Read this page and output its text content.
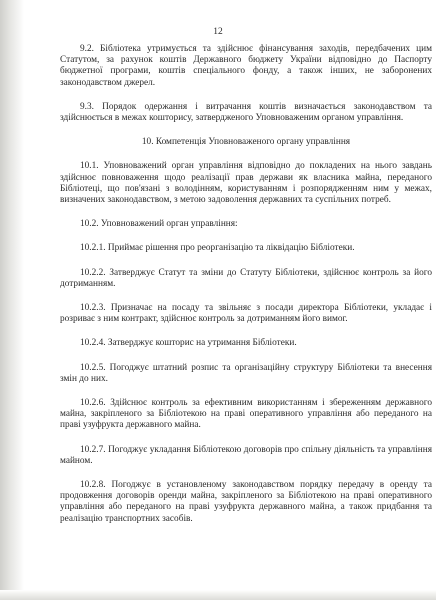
12

9.2. Бібліотека утримується та здійснює фінансування заходів, передбачених цим Статутом, за рахунок коштів Державного бюджету України відповідно до Паспорту бюджетної програми, коштів спеціального фонду, а також інших, не заборонених законодавством джерел.

9.3. Порядок одержання і витрачання коштів визначається законодавством та здійснюється в межах кошторису, затвердженого Уповноваженим органом управління.

10. Компетенція Уповноваженого органу управління

10.1. Уповноважений орган управління відповідно до покладених на нього завдань здійснює повноваження щодо реалізації прав держави як власника майна, переданого Бібліотеці, що пов'язані з володінням, користуванням і розпорядженням ним у межах, визначених законодавством, з метою задоволення державних та суспільних потреб.

10.2. Уповноважений орган управління:

10.2.1. Приймає рішення про реорганізацію та ліквідацію Бібліотеки.

10.2.2. Затверджує Статут та зміни до Статуту Бібліотеки, здійснює контроль за його дотриманням.

10.2.3. Призначає на посаду та звільняє з посади директора Бібліотеки, укладає і розриває з ним контракт, здійснює контроль за дотриманням його вимог.

10.2.4. Затверджує кошторис на утримання Бібліотеки.

10.2.5. Погоджує штатний розпис та організаційну структуру Бібліотеки та внесення змін до них.

10.2.6. Здійснює контроль за ефективним використанням і збереженням державного майна, закріпленого за Бібліотекою на праві оперативного управління або переданого на праві узуфрукта державного майна.

10.2.7. Погоджує укладання Бібліотекою договорів про спільну діяльність та управління майном.

10.2.8. Погоджує в установленому законодавством порядку передачу в оренду та продовження договорів оренди майна, закріпленого за Бібліотекою на праві оперативного управління або переданого на праві узуфрукта державного майна, а також придбання та реалізацію транспортних засобів.
